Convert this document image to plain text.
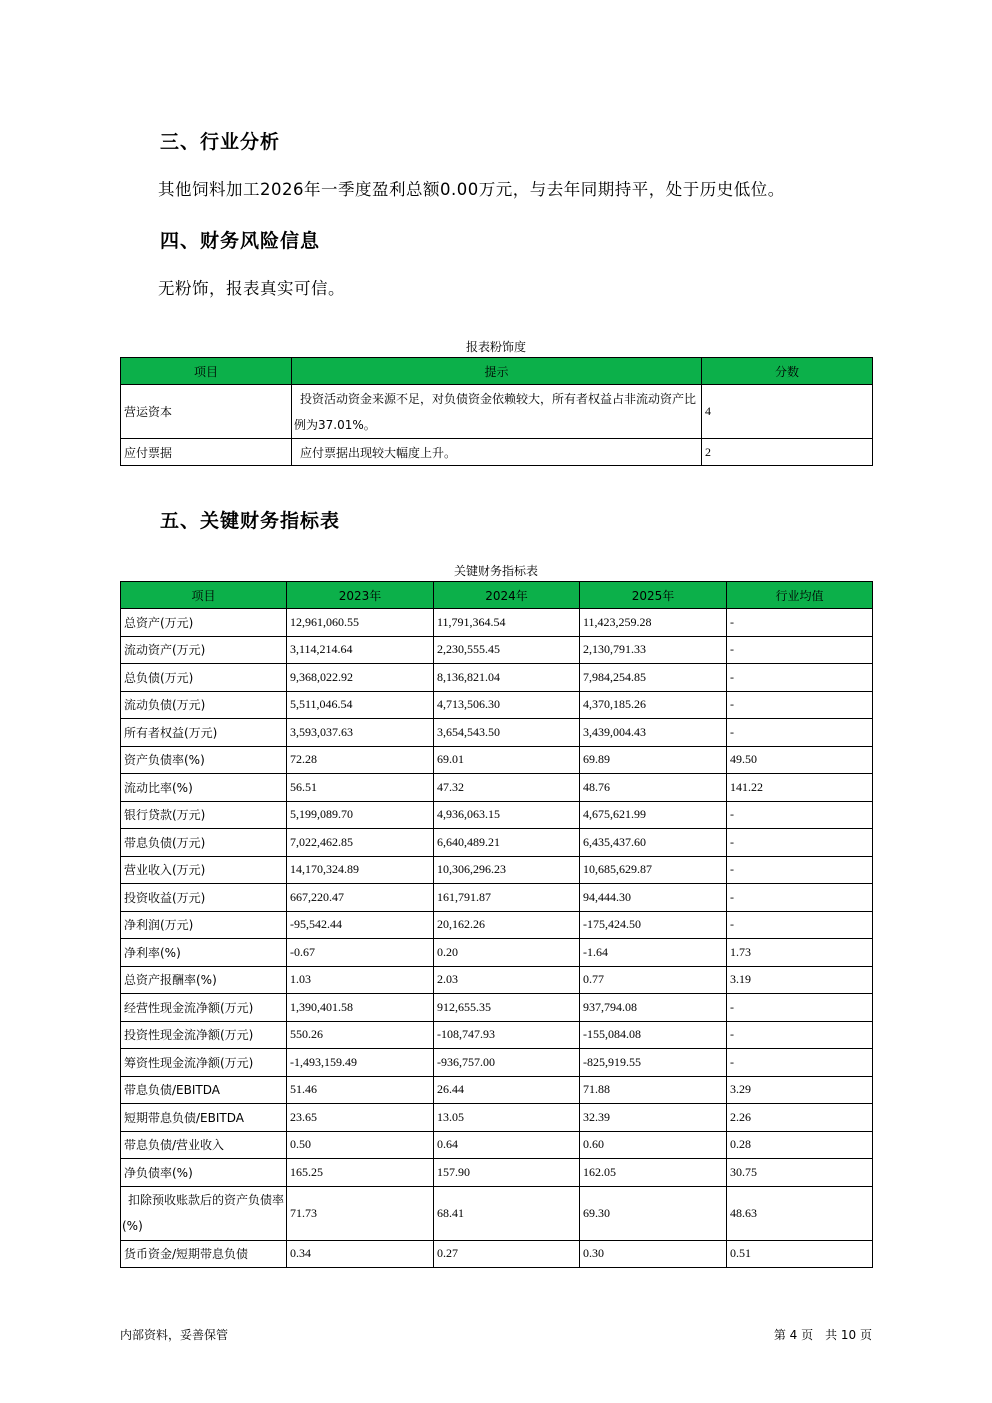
三、行业分析
其他饲料加工2026年一季度盈利总额0.00万元，与去年同期持平，处于历史低位。
四、财务风险信息
无粉饰，报表真实可信。
报表粉饰度
项目	提示	分数
营运资本	投资活动资金来源不足，对负债资金依赖较大，所有者权益占非流动资产比例为37.01%。	4
应付票据	应付票据出现较大幅度上升。	2
五、关键财务指标表
关键财务指标表
项目	2023年	2024年	2025年	行业均值
总资产(万元)	12,961,060.55	11,791,364.54	11,423,259.28	-
流动资产(万元)	3,114,214.64	2,230,555.45	2,130,791.33	-
总负债(万元)	9,368,022.92	8,136,821.04	7,984,254.85	-
流动负债(万元)	5,511,046.54	4,713,506.30	4,370,185.26	-
所有者权益(万元)	3,593,037.63	3,654,543.50	3,439,004.43	-
资产负债率(%)	72.28	69.01	69.89	49.50
流动比率(%)	56.51	47.32	48.76	141.22
银行贷款(万元)	5,199,089.70	4,936,063.15	4,675,621.99	-
带息负债(万元)	7,022,462.85	6,640,489.21	6,435,437.60	-
营业收入(万元)	14,170,324.89	10,306,296.23	10,685,629.87	-
投资收益(万元)	667,220.47	161,791.87	94,444.30	-
净利润(万元)	-95,542.44	20,162.26	-175,424.50	-
净利率(%)	-0.67	0.20	-1.64	1.73
总资产报酬率(%)	1.03	2.03	0.77	3.19
经营性现金流净额(万元)	1,390,401.58	912,655.35	937,794.08	-
投资性现金流净额(万元)	550.26	-108,747.93	-155,084.08	-
筹资性现金流净额(万元)	-1,493,159.49	-936,757.00	-825,919.55	-
带息负债/EBITDA	51.46	26.44	71.88	3.29
短期带息负债/EBITDA	23.65	13.05	32.39	2.26
带息负债/营业收入	0.50	0.64	0.60	0.28
净负债率(%)	165.25	157.90	162.05	30.75
扣除预收账款后的资产负债率(%)	71.73	68.41	69.30	48.63
货币资金/短期带息负债	0.34	0.27	0.30	0.51
内部资料，妥善保管	第 4 页　共 10 页
